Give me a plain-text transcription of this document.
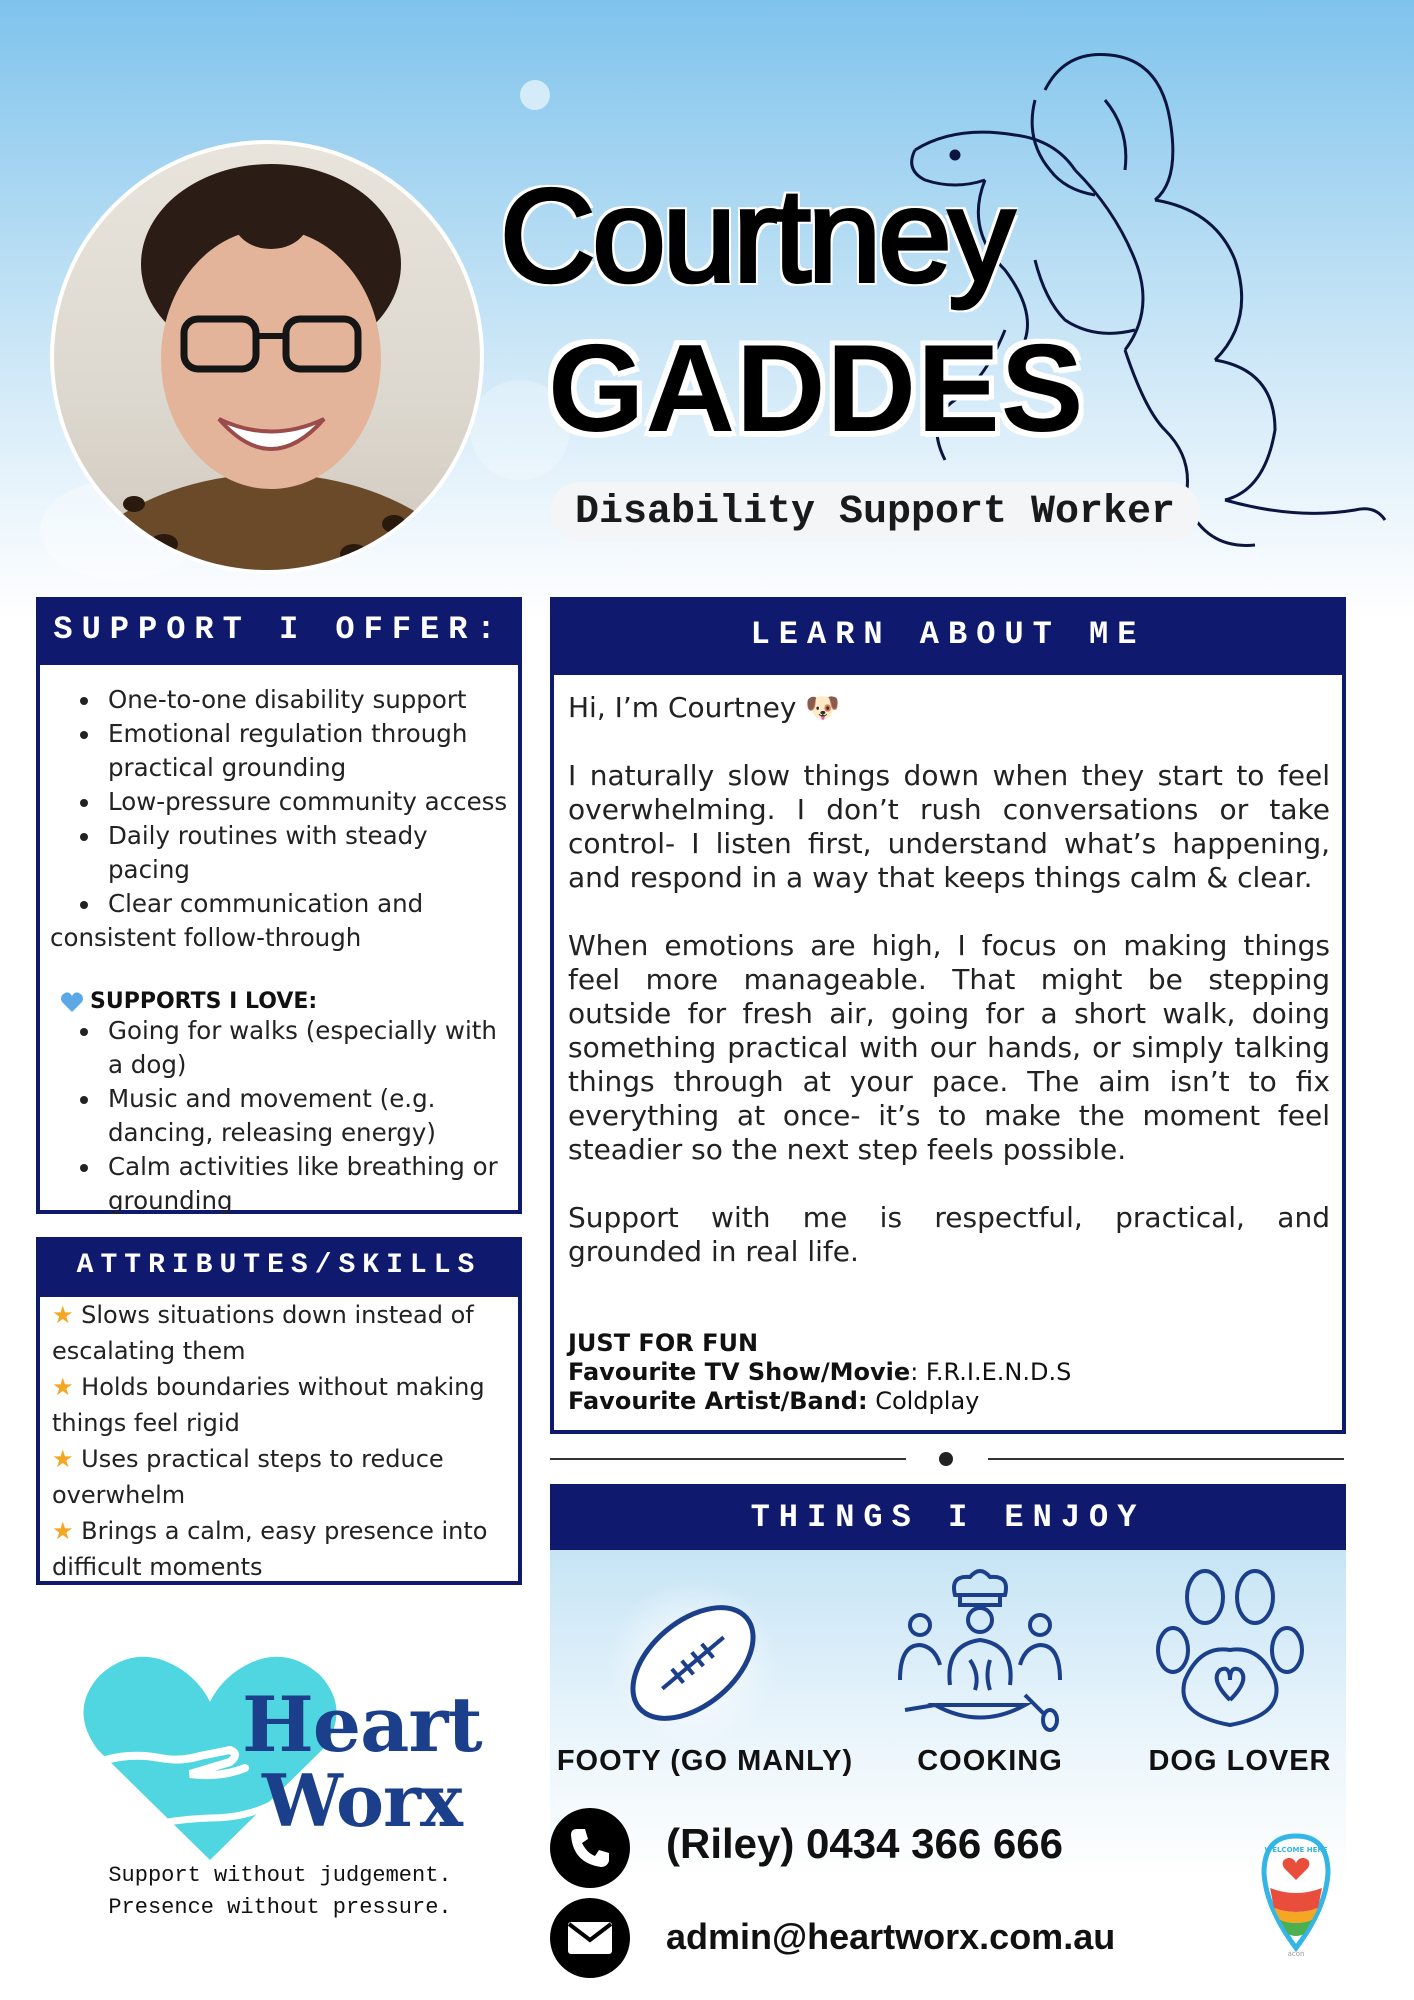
Courtney
GADDES
Disability Support Worker
SUPPORT I OFFER:
• One-to-one disability support
• Emotional regulation through practical grounding
• Low-pressure community access
• Daily routines with steady pacing
• Clear communication and
consistent follow-through
SUPPORTS I LOVE:
• Going for walks (especially with a dog)
• Music and movement (e.g. dancing, releasing energy)
• Calm activities like breathing or grounding
ATTRIBUTES/SKILLS
★ Slows situations down instead of escalating them
★ Holds boundaries without making things feel rigid
★ Uses practical steps to reduce overwhelm
★ Brings a calm, easy presence into difficult moments
LEARN ABOUT ME
Hi, I’m Courtney 🐶
I naturally slow things down when they start to feel overwhelming. I don’t rush conversations or take control- I listen first, understand what’s happening, and respond in a way that keeps things calm & clear.
When emotions are high, I focus on making things feel more manageable. That might be stepping outside for fresh air, going for a short walk, doing something practical with our hands, or simply talking things through at your pace. The aim isn’t to fix everything at once- it’s to make the moment feel steadier so the next step feels possible.
Support with me is respectful, practical, and grounded in real life.
JUST FOR FUN
Favourite TV Show/Movie: F.R.I.E.N.D.S
Favourite Artist/Band: Coldplay
THINGS I ENJOY
FOOTY (GO MANLY)	COOKING	DOG LOVER
(Riley) 0434 366 666
admin@heartworx.com.au
WELCOME HERE
acon
Heart
Worx
Support without judgement.
Presence without pressure.
